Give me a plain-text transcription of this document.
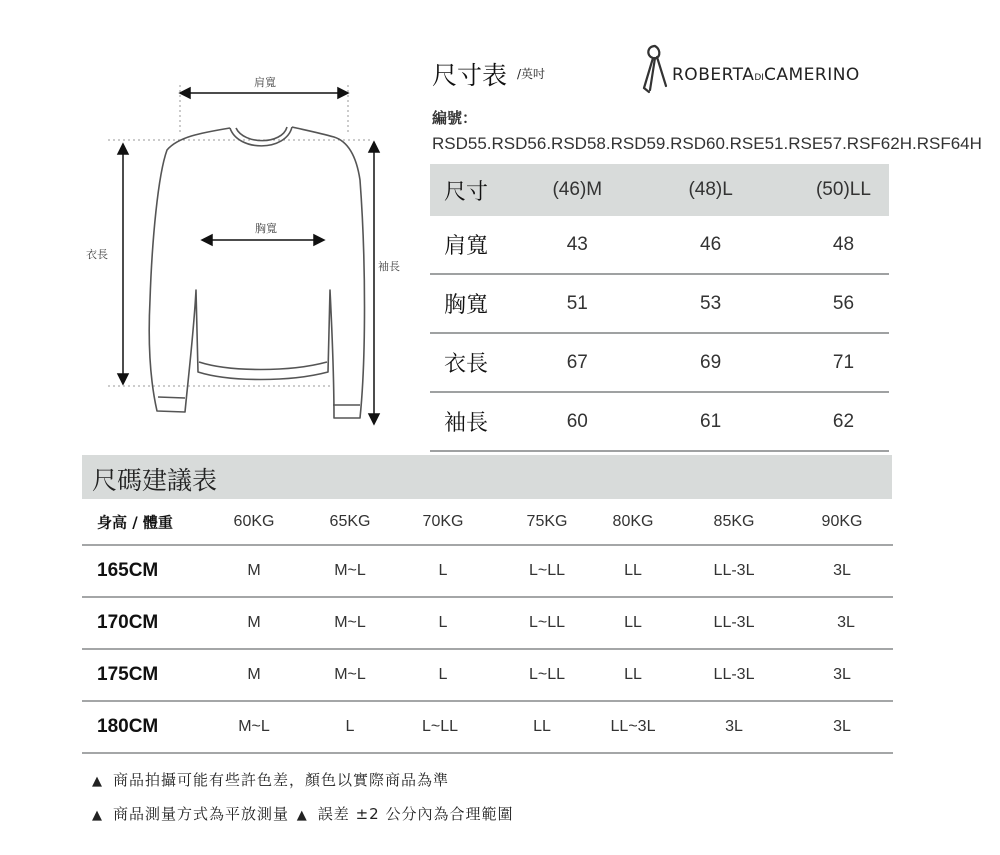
肩寬
胸寬
衣長
袖長
尺寸表 /英吋	ROBERTADICAMERINO
編號：RSD55.RSD56.RSD58.RSD59.RSD60.RSE51.RSE57.RSF62H.RSF64H
尺寸	(46)M	(48)L	(50)LL
肩寬	43	46	48
胸寬	51	53	56
衣長	67	69	71
袖長	60	61	62
尺碼建議表
身高 / 體重	60KG	65KG	70KG	75KG	80KG	85KG	90KG
165CM	M	M~L	L	L~LL	LL	LL-3L	3L
170CM	M	M~L	L	L~LL	LL	LL-3L	3L
175CM	M	M~L	L	L~LL	LL	LL-3L	3L
180CM	M~L	L	L~LL	LL	LL~3L	3L	3L
▲ 商品拍攝可能有些許色差，顏色以實際商品為準
▲ 商品測量方式為平放測量 ▲ 誤差 ±2 公分內為合理範圍
